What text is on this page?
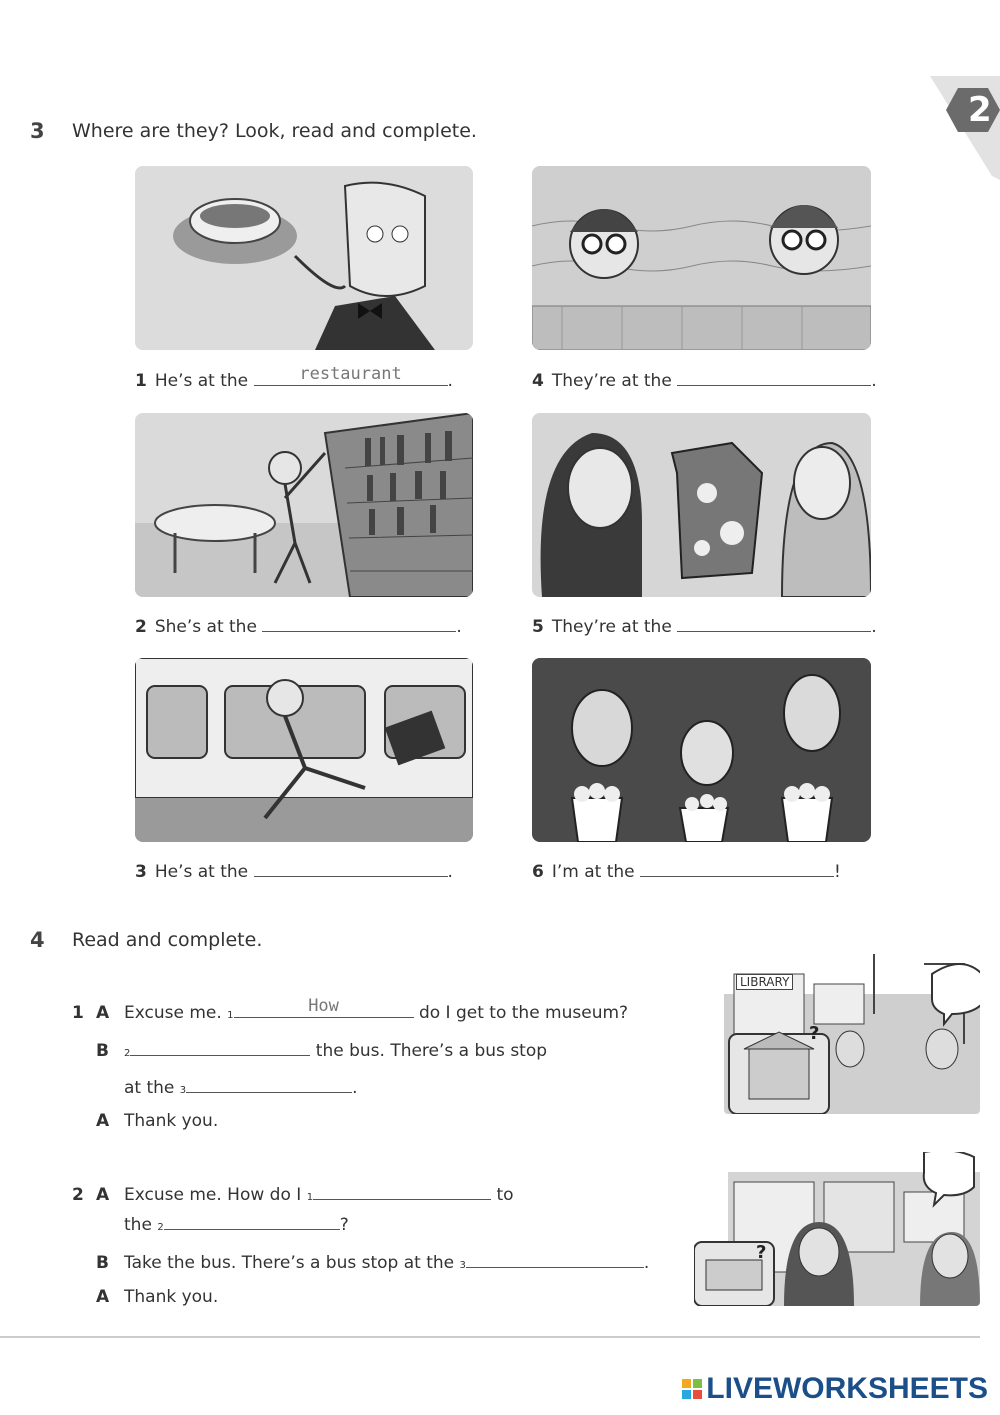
2
3 Where are they? Look, read and complete.
1 He’s at the
	restaurant	.	4 They’re at the
	.
2 She’s at the
	.	5 They’re at the
	.
3 He’s at the
	.	6 I’m at the
	!
4 Read and complete.
1 A Excuse me. 1	How
	do I get to the museum?
B	2
	the bus. There’s a bus stop
at the 3	.
A Thank you.
?
LIBRARY
2 A Excuse me. How do I 1
	to
the 2	?
B Take the bus. There’s a bus stop at the 3	.
A Thank you.
?
LIVEWORKSHEETS
